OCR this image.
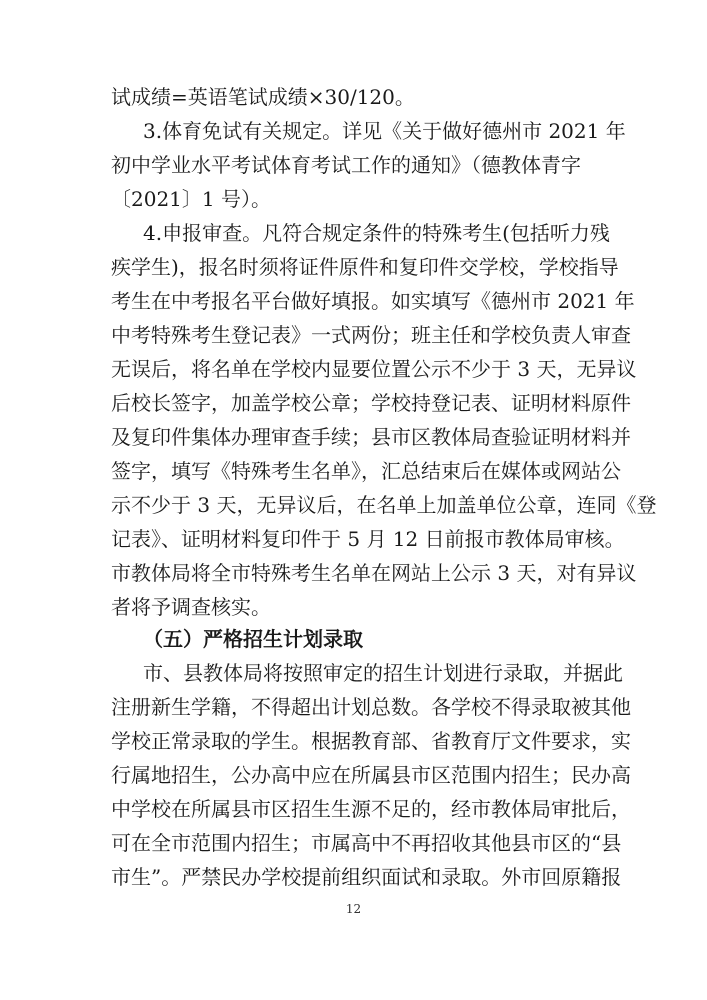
试成绩=英语笔试成绩×30/120。
3.体育免试有关规定。详见《关于做好德州市 2021 年
初中学业水平考试体育考试工作的通知》（德教体青字
〔2021〕1 号）。
4.申报审查。凡符合规定条件的特殊考生(包括听力残
疾学生)，报名时须将证件原件和复印件交学校，学校指导
考生在中考报名平台做好填报。如实填写《德州市 2021 年
中考特殊考生登记表》一式两份；班主任和学校负责人审查
无误后，将名单在学校内显要位置公示不少于 3 天，无异议
后校长签字，加盖学校公章；学校持登记表、证明材料原件
及复印件集体办理审查手续；县市区教体局查验证明材料并
签字，填写《特殊考生名单》，汇总结束后在媒体或网站公
示不少于 3 天，无异议后，在名单上加盖单位公章，连同《登
记表》、证明材料复印件于 5 月 12 日前报市教体局审核。
市教体局将全市特殊考生名单在网站上公示 3 天，对有异议
者将予调查核实。
（五）严格招生计划录取
市、县教体局将按照审定的招生计划进行录取，并据此
注册新生学籍，不得超出计划总数。各学校不得录取被其他
学校正常录取的学生。根据教育部、省教育厅文件要求，实
行属地招生，公办高中应在所属县市区范围内招生；民办高
中学校在所属县市区招生生源不足的，经市教体局审批后，
可在全市范围内招生；市属高中不再招收其他县市区的“县
市生”。严禁民办学校提前组织面试和录取。外市回原籍报
12
